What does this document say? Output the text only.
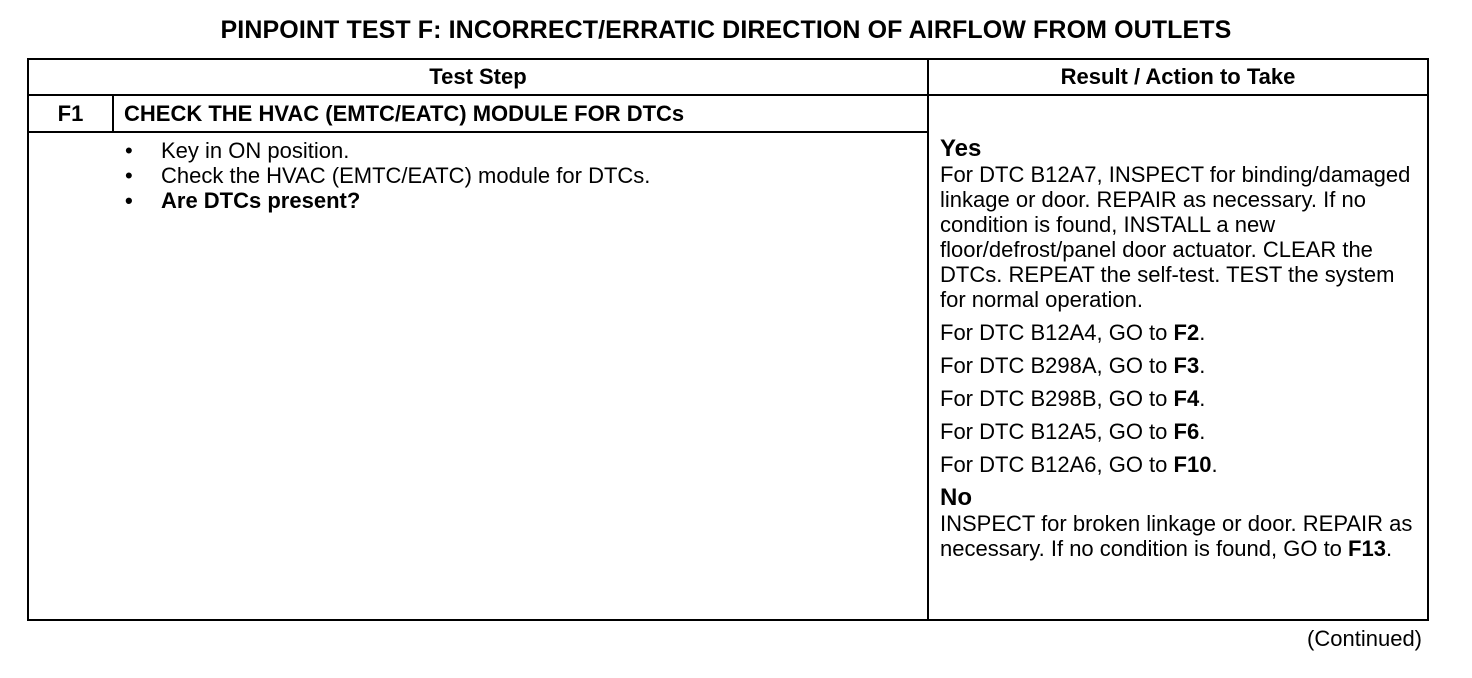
PINPOINT TEST F: INCORRECT/ERRATIC DIRECTION OF AIRFLOW FROM OUTLETS
Test Step	Result / Action to Take
F1	CHECK THE HVAC (EMTC/EATC) MODULE FOR DTCs
• Key in ON position.
• Check the HVAC (EMTC/EATC) module for DTCs.
• Are DTCs present?

Yes

For DTC B12A7, INSPECT for binding/damaged linkage or door. REPAIR as necessary. If no condition is found, INSTALL a new floor/defrost/panel door actuator. CLEAR the DTCs. REPEAT the self-test. TEST the system for normal operation.

For DTC B12A4, GO to F2.

For DTC B298A, GO to F3.

For DTC B298B, GO to F4.

For DTC B12A5, GO to F6.

For DTC B12A6, GO to F10.

No

INSPECT for broken linkage or door. REPAIR as necessary. If no condition is found, GO to F13.

(Continued)
